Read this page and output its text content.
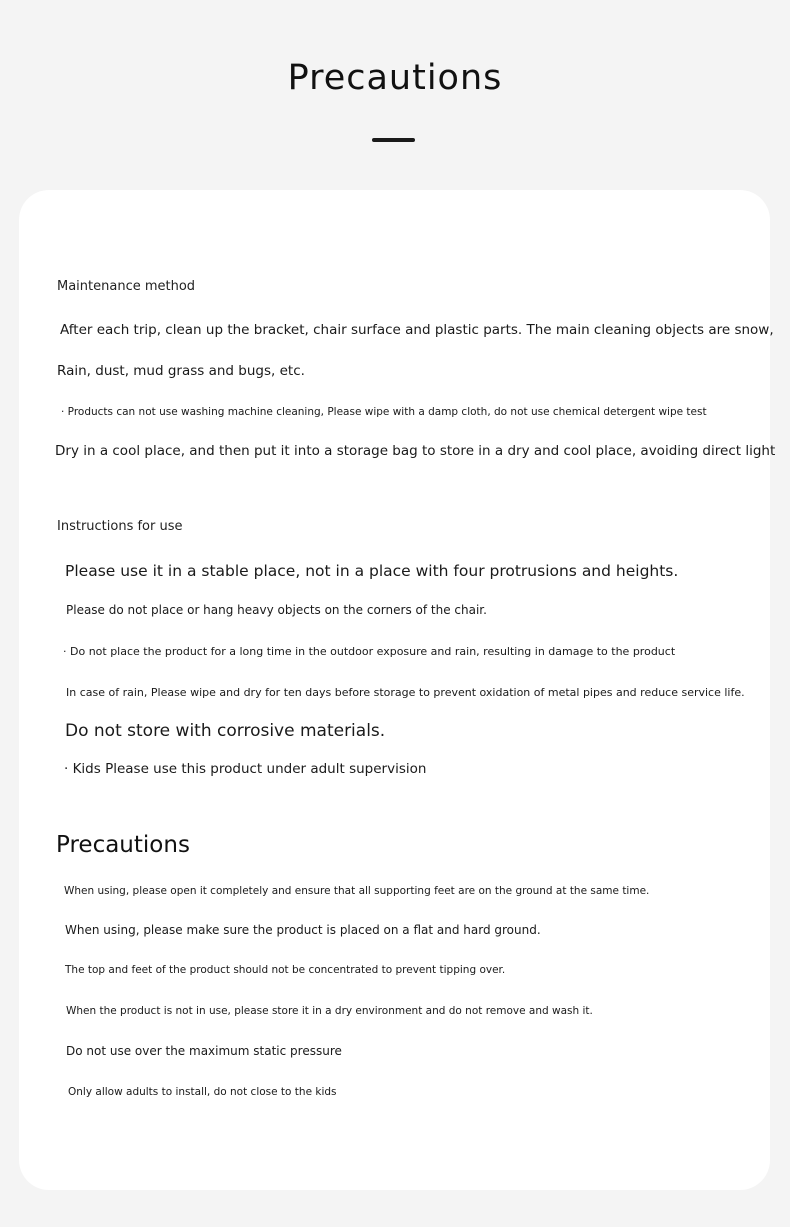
Precautions

Maintenance method

After each trip, clean up the bracket, chair surface and plastic parts. The main cleaning objects are snow,

Rain, dust, mud grass and bugs, etc.

· Products can not use washing machine cleaning, Please wipe with a damp cloth, do not use chemical detergent wipe test

Dry in a cool place, and then put it into a storage bag to store in a dry and cool place, avoiding direct light

Instructions for use

Please use it in a stable place, not in a place with four protrusions and heights.

Please do not place or hang heavy objects on the corners of the chair.

· Do not place the product for a long time in the outdoor exposure and rain, resulting in damage to the product

In case of rain, Please wipe and dry for ten days before storage to prevent oxidation of metal pipes and reduce service life.

Do not store with corrosive materials.

· Kids Please use this product under adult supervision

Precautions

When using, please open it completely and ensure that all supporting feet are on the ground at the same time.

When using, please make sure the product is placed on a flat and hard ground.

The top and feet of the product should not be concentrated to prevent tipping over.

When the product is not in use, please store it in a dry environment and do not remove and wash it.

Do not use over the maximum static pressure

Only allow adults to install, do not close to the kids
